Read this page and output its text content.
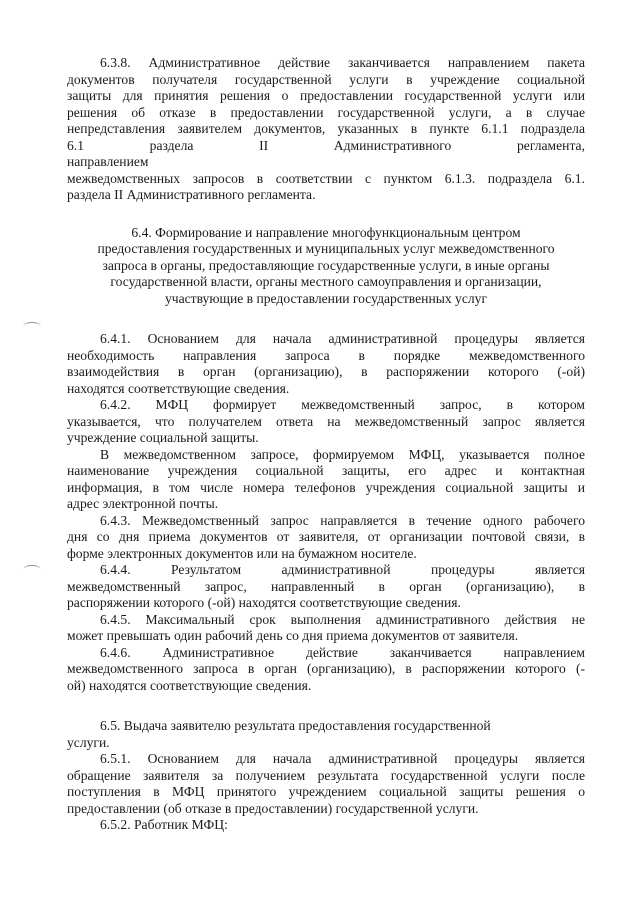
6.3.8. Административное действие заканчивается направлением пакета
документов получателя государственной услуги в учреждение социальной
защиты для принятия решения о предоставлении государственной услуги или
решения об отказе в предоставлении государственной услуги, а в случае
непредставления заявителем документов, указанных в пункте 6.1.1 подраздела
6.1 раздела II Административного регламента, направлением
межведомственных запросов в соответствии с пунктом 6.1.3. подраздела 6.1.
раздела II Административного регламента.
6.4. Формирование и направление многофункциональным центром
предоставления государственных и муниципальных услуг межведомственного
запроса в органы, предоставляющие государственные услуги, в иные органы
государственной власти, органы местного самоуправления и организации,
участвующие в предоставлении государственных услуг
6.4.1. Основанием для начала административной процедуры является
необходимость направления запроса в порядке межведомственного
взаимодействия в орган (организацию), в распоряжении которого (-ой)
находятся соответствующие сведения.
6.4.2. МФЦ формирует межведомственный запрос, в котором
указывается, что получателем ответа на межведомственный запрос является
учреждение социальной защиты.
В межведомственном запросе, формируемом МФЦ, указывается полное
наименование учреждения социальной защиты, его адрес и контактная
информация, в том числе номера телефонов учреждения социальной защиты и
адрес электронной почты.
6.4.3. Межведомственный запрос направляется в течение одного рабочего
дня со дня приема документов от заявителя, от организации почтовой связи, в
форме электронных документов или на бумажном носителе.
6.4.4. Результатом административной процедуры является
межведомственный запрос, направленный в орган (организацию), в
распоряжении которого (-ой) находятся соответствующие сведения.
6.4.5. Максимальный срок выполнения административного действия не
может превышать один рабочий день со дня приема документов от заявителя.
6.4.6. Административное действие заканчивается направлением
межведомственного запроса в орган (организацию), в распоряжении которого (-
ой) находятся соответствующие сведения.
6.5. Выдача заявителю результата предоставления государственной
услуги.
6.5.1. Основанием для начала административной процедуры является
обращение заявителя за получением результата государственной услуги после
поступления в МФЦ принятого учреждением социальной защиты решения о
предоставлении (об отказе в предоставлении) государственной услуги.
6.5.2. Работник МФЦ:
